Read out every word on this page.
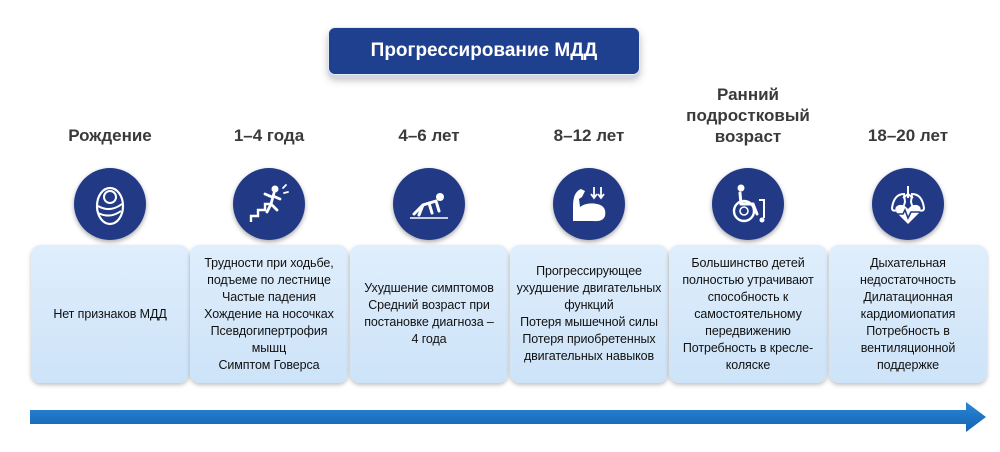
Прогрессирование МДД
Рождение
Нет признаков МДД
1–4 года
Трудности при ходьбе,
подъеме по лестнице
Частые падения
Хождение на носочках
Псевдогипертрофия
мышц
Симптом Говерса
4–6 лет
Ухудшение симптомов
Средний возраст при
постановке диагноза –
4 года
8–12 лет
Прогрессирующее
ухудшение двигательных
функций
Потеря мышечной силы
Потеря приобретенных
двигательных навыков
Ранний
подростковый
возраст
Большинство детей
полностью утрачивают
способность к
самостоятельному
передвижению
Потребность в кресле-
коляске
18–20 лет
Дыхательная
недостаточность
Дилатационная
кардиомиопатия
Потребность в
вентиляционной
поддержке
